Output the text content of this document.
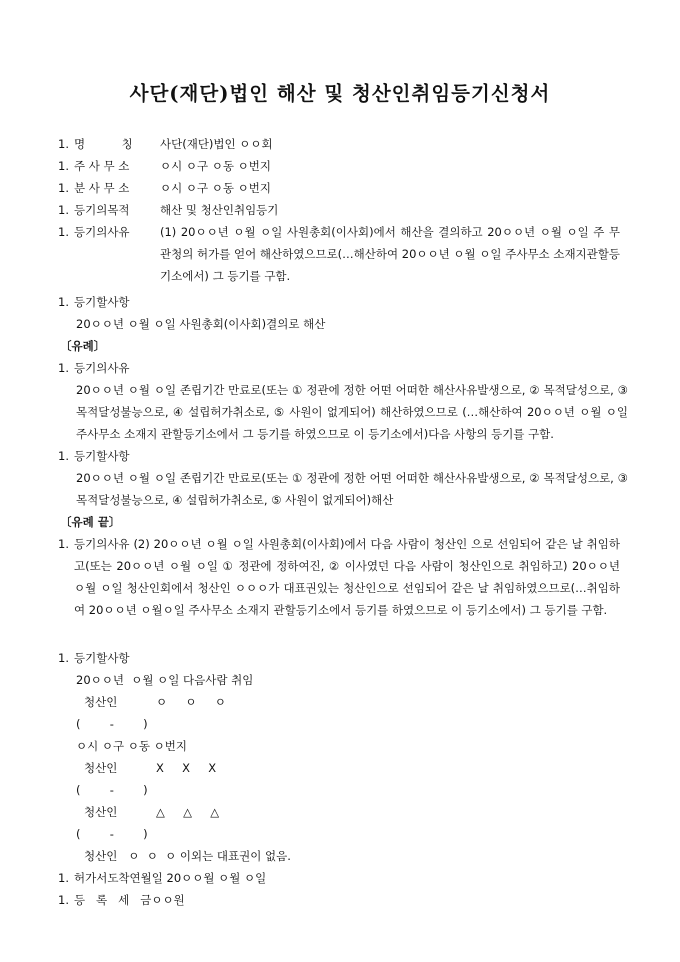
사단(재단)법인 해산 및 청산인취임등기신청서
1. 명          칭	사단(재단)법인 ㅇㅇ회
1. 주 사 무 소	ㅇ시 ㅇ구 ㅇ동 ㅇ번지
1. 분 사 무 소	ㅇ시 ㅇ구 ㅇ동 ㅇ번지
1. 등기의목적	해산 및 청산인취임등기
1. 등기의사유	(1) 20ㅇㅇ년 ㅇ월 ㅇ일 사원총회(이사회)에서 해산을 결의하고 20ㅇㅇ년 ㅇ월 ㅇ일 주 무관청의 허가를 얻어 해산하였으므로(…해산하여 20ㅇㅇ년 ㅇ월 ㅇ일 주사무소 소재지관할등기소에서) 그 등기를 구함.
1. 등기할사항
20ㅇㅇ년 ㅇ월 ㅇ일 사원총회(이사회)결의로 해산
〔유례〕
1. 등기의사유
20ㅇㅇ년 ㅇ월 ㅇ일 존립기간 만료로(또는 ① 정관에 정한 어떤 어떠한 해산사유발생으로, ② 목적달성으로, ③ 목적달성불능으로, ④ 설립허가취소로, ⑤ 사원이 없게되어) 해산하였으므로 (…해산하여 20ㅇㅇ년 ㅇ월 ㅇ일 주사무소 소재지 관할등기소에서 그 등기를 하였으므로 이 등기소에서)다음 사항의 등기를 구함.
1. 등기할사항
20ㅇㅇ년 ㅇ월 ㅇ일 존립기간 만료로(또는 ① 정관에 정한 어떤 어떠한 해산사유발생으로, ② 목적달성으로, ③ 목적달성불능으로, ④ 설립허가취소로, ⑤ 사원이 없게되어)해산
〔유례 끝〕
1. 등기의사유 (2) 20ㅇㅇ년 ㅇ월 ㅇ일 사원총회(이사회)에서 다음 사람이 청산인 으로 선임되어 같은 날 취임하고(또는 20ㅇㅇ년 ㅇ월 ㅇ일 ① 정관에 정하여진, ② 이사였던 다음 사람이 청산인으로 취임하고) 20ㅇㅇ년 ㅇ월 ㅇ일 청산인회에서 청산인 ㅇㅇㅇ가 대표권있는 청산인으로 선임되어 같은 날 취임하였으므로(…취임하여 20ㅇㅇ년 ㅇ월ㅇ일 주사무소 소재지 관할등기소에서 등기를 하였으므로 이 등기소에서) 그 등기를 구함.
1. 등기할사항
20ㅇㅇ년  ㅇ월 ㅇ일 다음사람 취임
청산인	ㅇ     ㅇ     ㅇ
(        -        )
ㅇ시 ㅇ구 ㅇ동 ㅇ번지
청산인	X     X     X
(        -        )
청산인	△     △     △
(        -        )
청산인   ㅇ  ㅇ  ㅇ 이외는 대표권이 없음.
1. 허가서도착연월일 20ㅇㅇ월 ㅇ월 ㅇ일
1. 등   록   세   금ㅇㅇ원
